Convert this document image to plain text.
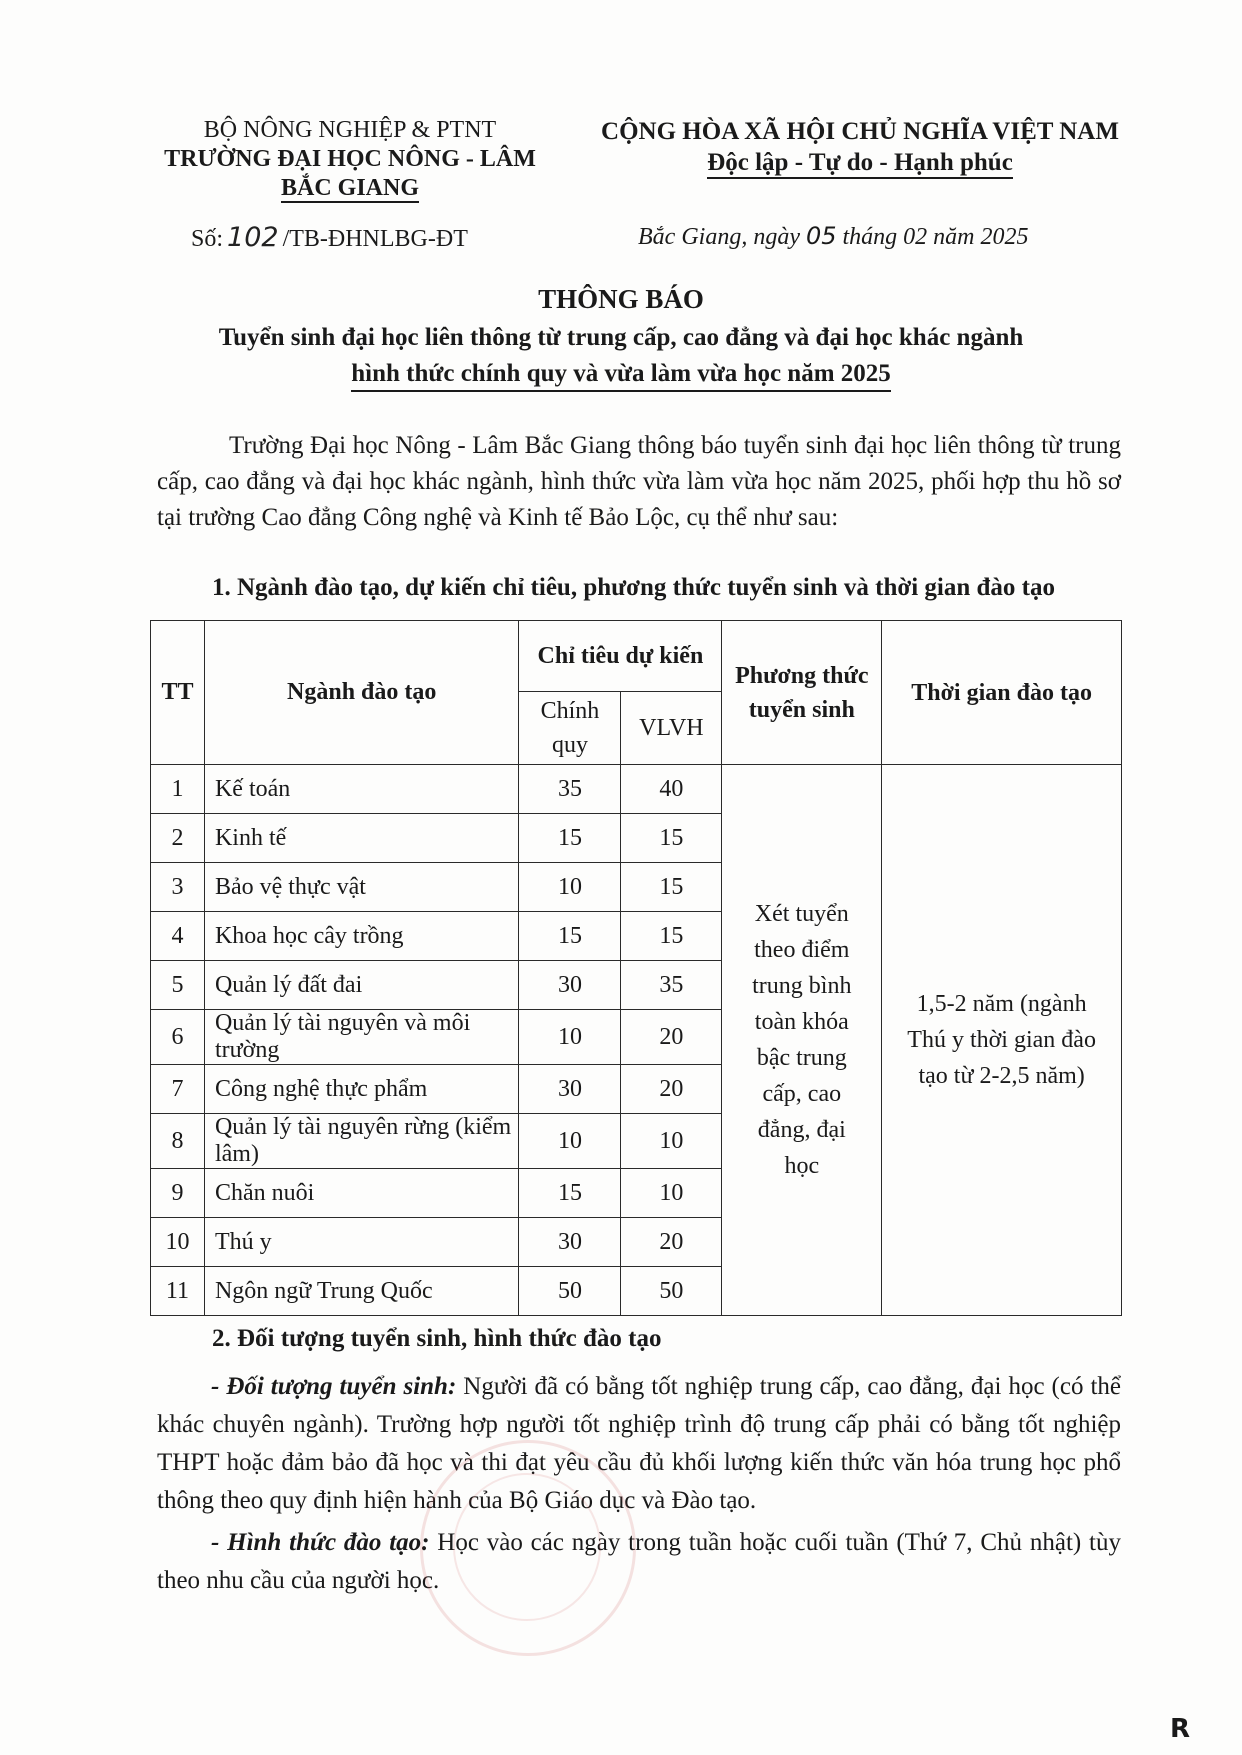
BỘ NÔNG NGHIỆP & PTNT
TRƯỜNG ĐẠI HỌC NÔNG - LÂM
BẮC GIANG
CỘNG HÒA XÃ HỘI CHỦ NGHĨA VIỆT NAM
Độc lập - Tự do - Hạnh phúc
Số: 102 /TB-ĐHNLBG-ĐT	Bắc Giang, ngày 05 tháng 02 năm 2025
THÔNG BÁO
Tuyển sinh đại học liên thông từ trung cấp, cao đẳng và đại học khác ngành
hình thức chính quy và vừa làm vừa học năm 2025
Trường Đại học Nông - Lâm Bắc Giang thông báo tuyển sinh đại học liên thông từ trung cấp, cao đẳng và đại học khác ngành, hình thức vừa làm vừa học năm 2025, phối hợp thu hồ sơ tại trường Cao đẳng Công nghệ và Kinh tế Bảo Lộc, cụ thể như sau:
1. Ngành đào tạo, dự kiến chỉ tiêu, phương thức tuyển sinh và thời gian đào tạo
TT	Ngành đào tạo	Chỉ tiêu dự kiến		Phương thức tuyển sinh	Thời gian đào tạo
		Chính quy	VLVH		
1	Kế toán	35	40	Xét tuyển theo điểm trung bình toàn khóa bậc trung cấp, cao đẳng, đại học	1,5-2 năm (ngành Thú y thời gian đào tạo từ 2-2,5 năm)
2	Kinh tế	15	15		
3	Bảo vệ thực vật	10	15		
4	Khoa học cây trồng	15	15		
5	Quản lý đất đai	30	35		
6	Quản lý tài nguyên và môi trường	10	20		
7	Công nghệ thực phẩm	30	20		
8	Quản lý tài nguyên rừng (kiểm lâm)	10	10		
9	Chăn nuôi	15	10		
10	Thú y	30	20		
11	Ngôn ngữ Trung Quốc	50	50		
2. Đối tượng tuyển sinh, hình thức đào tạo
- Đối tượng tuyển sinh: Người đã có bằng tốt nghiệp trung cấp, cao đẳng, đại học (có thể khác chuyên ngành). Trường hợp người tốt nghiệp trình độ trung cấp phải có bằng tốt nghiệp THPT hoặc đảm bảo đã học và thi đạt yêu cầu đủ khối lượng kiến thức văn hóa trung học phổ thông theo quy định hiện hành của Bộ Giáo dục và Đào tạo.
- Hình thức đào tạo: Học vào các ngày trong tuần hoặc cuối tuần (Thứ 7, Chủ nhật) tùy theo nhu cầu của người học.
R
